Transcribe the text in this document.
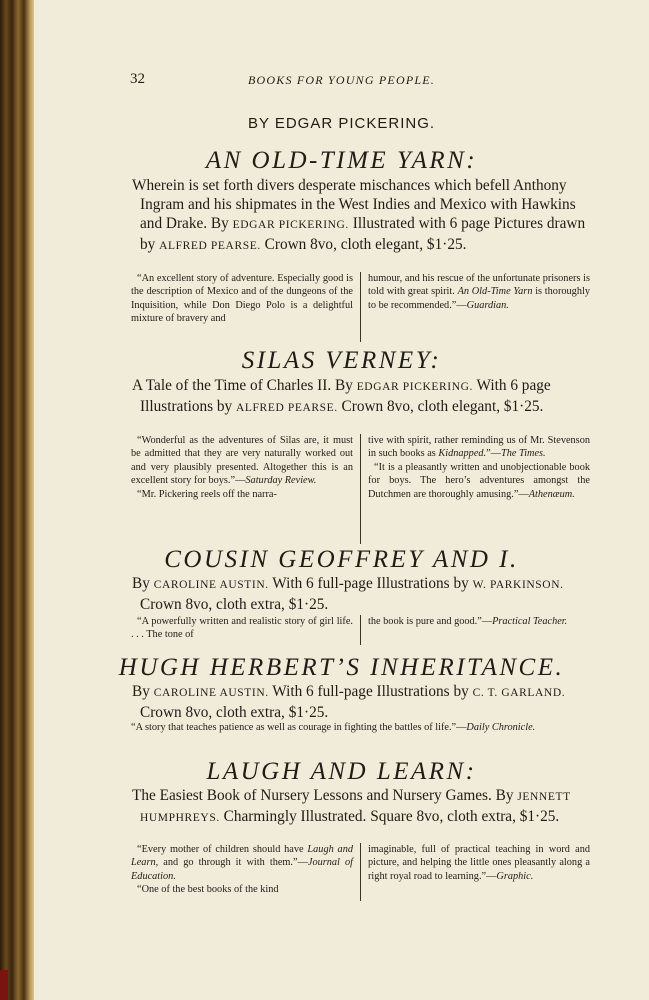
32	BOOKS FOR YOUNG PEOPLE.
BY EDGAR PICKERING.
AN OLD-TIME YARN:
Wherein is set forth divers desperate mischances which befell Anthony Ingram and his shipmates in the West Indies and Mexico with Hawkins and Drake. By EDGAR PICKERING. Illustrated with 6 page Pictures drawn by ALFRED PEARSE. Crown 8vo, cloth elegant, $1·25.
“An excellent story of adventure. Especially good is the description of Mexico and of the dungeons of the Inquisition, while Don Diego Polo is a delightful mixture of bravery and
humour, and his rescue of the unfortunate prisoners is told with great spirit. An Old-Time Yarn is thoroughly to be recommended.”—Guardian.
SILAS VERNEY:
A Tale of the Time of Charles II. By EDGAR PICKERING. With 6 page Illustrations by ALFRED PEARSE. Crown 8vo, cloth elegant, $1·25.
“Wonderful as the adventures of Silas are, it must be admitted that they are very naturally worked out and very plausibly presented. Altogether this is an excellent story for boys.”—Saturday Review.
“Mr. Pickering reels off the narra-
tive with spirit, rather reminding us of Mr. Stevenson in such books as Kidnapped.”—The Times.
“It is a pleasantly written and unobjectionable book for boys. The hero’s adventures amongst the Dutchmen are thoroughly amusing.”—Athenæum.
COUSIN GEOFFREY AND I.
By CAROLINE AUSTIN. With 6 full-page Illustrations by W. PARKINSON. Crown 8vo, cloth extra, $1·25.
“A powerfully written and realistic story of girl life. . . . The tone of
the book is pure and good.”—Practical Teacher.
HUGH HERBERT’S INHERITANCE.
By CAROLINE AUSTIN. With 6 full-page Illustrations by C. T. GARLAND. Crown 8vo, cloth extra, $1·25.
“A story that teaches patience as well as courage in fighting the battles of life.”—Daily Chronicle.
LAUGH AND LEARN:
The Easiest Book of Nursery Lessons and Nursery Games. By JENNETT HUMPHREYS. Charmingly Illustrated. Square 8vo, cloth extra, $1·25.
“Every mother of children should have Laugh and Learn, and go through it with them.”—Journal of Education.
“One of the best books of the kind
imaginable, full of practical teaching in word and picture, and helping the little ones pleasantly along a right royal road to learning.”—Graphic.
